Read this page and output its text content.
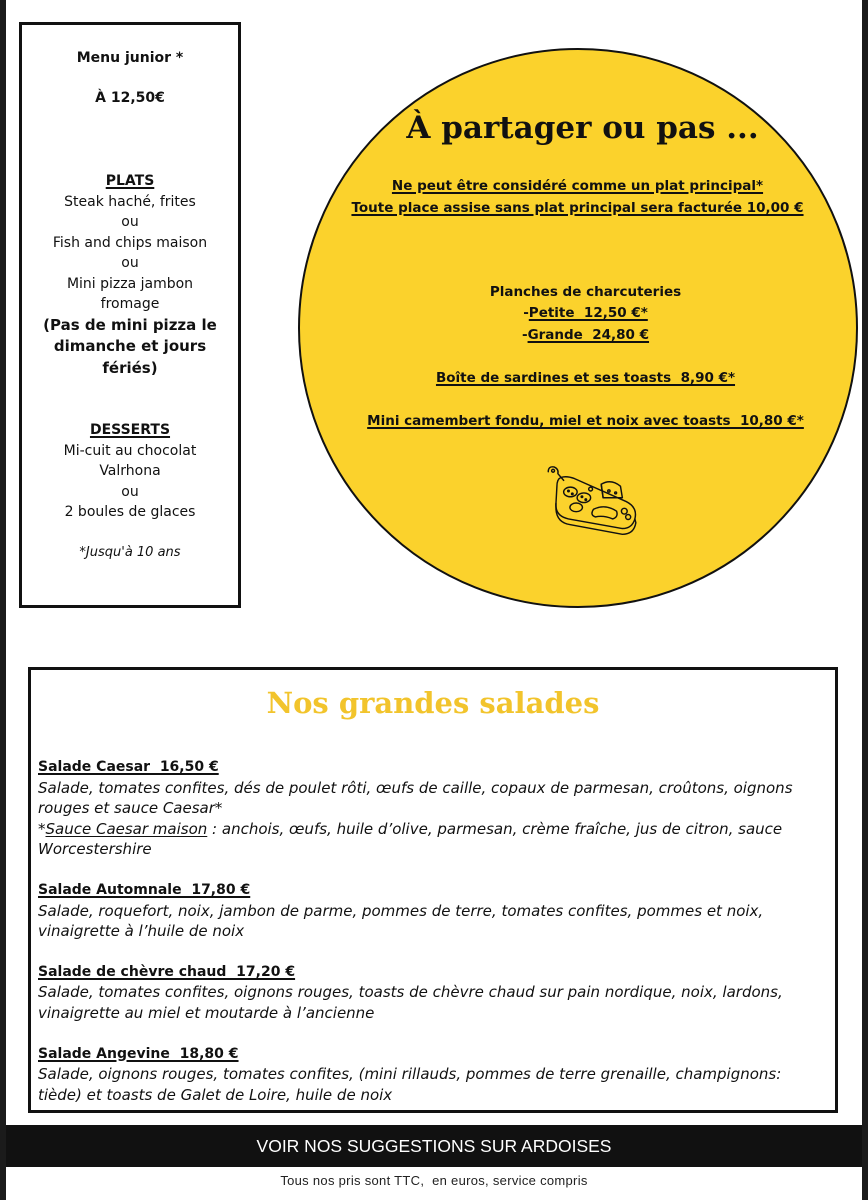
Menu junior *
À 12,50€
PLATS
Steak haché, frites
ou
Fish and chips maison
ou
Mini pizza jambon
fromage
(Pas de mini pizza le
dimanche et jours
fériés)
DESSERTS
Mi-cuit au chocolat
Valrhona
ou
2 boules de glaces
*Jusqu'à 10 ans
À partager ou pas ...
Ne peut être considéré comme un plat principal*
Toute place assise sans plat principal sera facturée 10,00 €
Planches de charcuteries
-Petite  12,50 €*
-Grande  24,80 €
Boîte de sardines et ses toasts  8,90 €*
Mini camembert fondu, miel et noix avec toasts  10,80 €*
Nos grandes salades
Salade Caesar  16,50 €
Salade, tomates confites, dés de poulet rôti, œufs de caille, copaux de parmesan, croûtons, oignons
rouges et sauce Caesar*
*Sauce Caesar maison : anchois, œufs, huile d’olive, parmesan, crème fraîche, jus de citron, sauce
Worcestershire
Salade Automnale  17,80 €
Salade, roquefort, noix, jambon de parme, pommes de terre, tomates confites, pommes et noix,
vinaigrette à l’huile de noix
Salade de chèvre chaud  17,20 €
Salade, tomates confites, oignons rouges, toasts de chèvre chaud sur pain nordique, noix, lardons,
vinaigrette au miel et moutarde à l’ancienne
Salade Angevine  18,80 €
Salade, oignons rouges, tomates confites, (mini rillauds, pommes de terre grenaille, champignons:
tiède) et toasts de Galet de Loire, huile de noix
VOIR NOS SUGGESTIONS SUR ARDOISES
Tous nos pris sont TTC,  en euros, service compris
